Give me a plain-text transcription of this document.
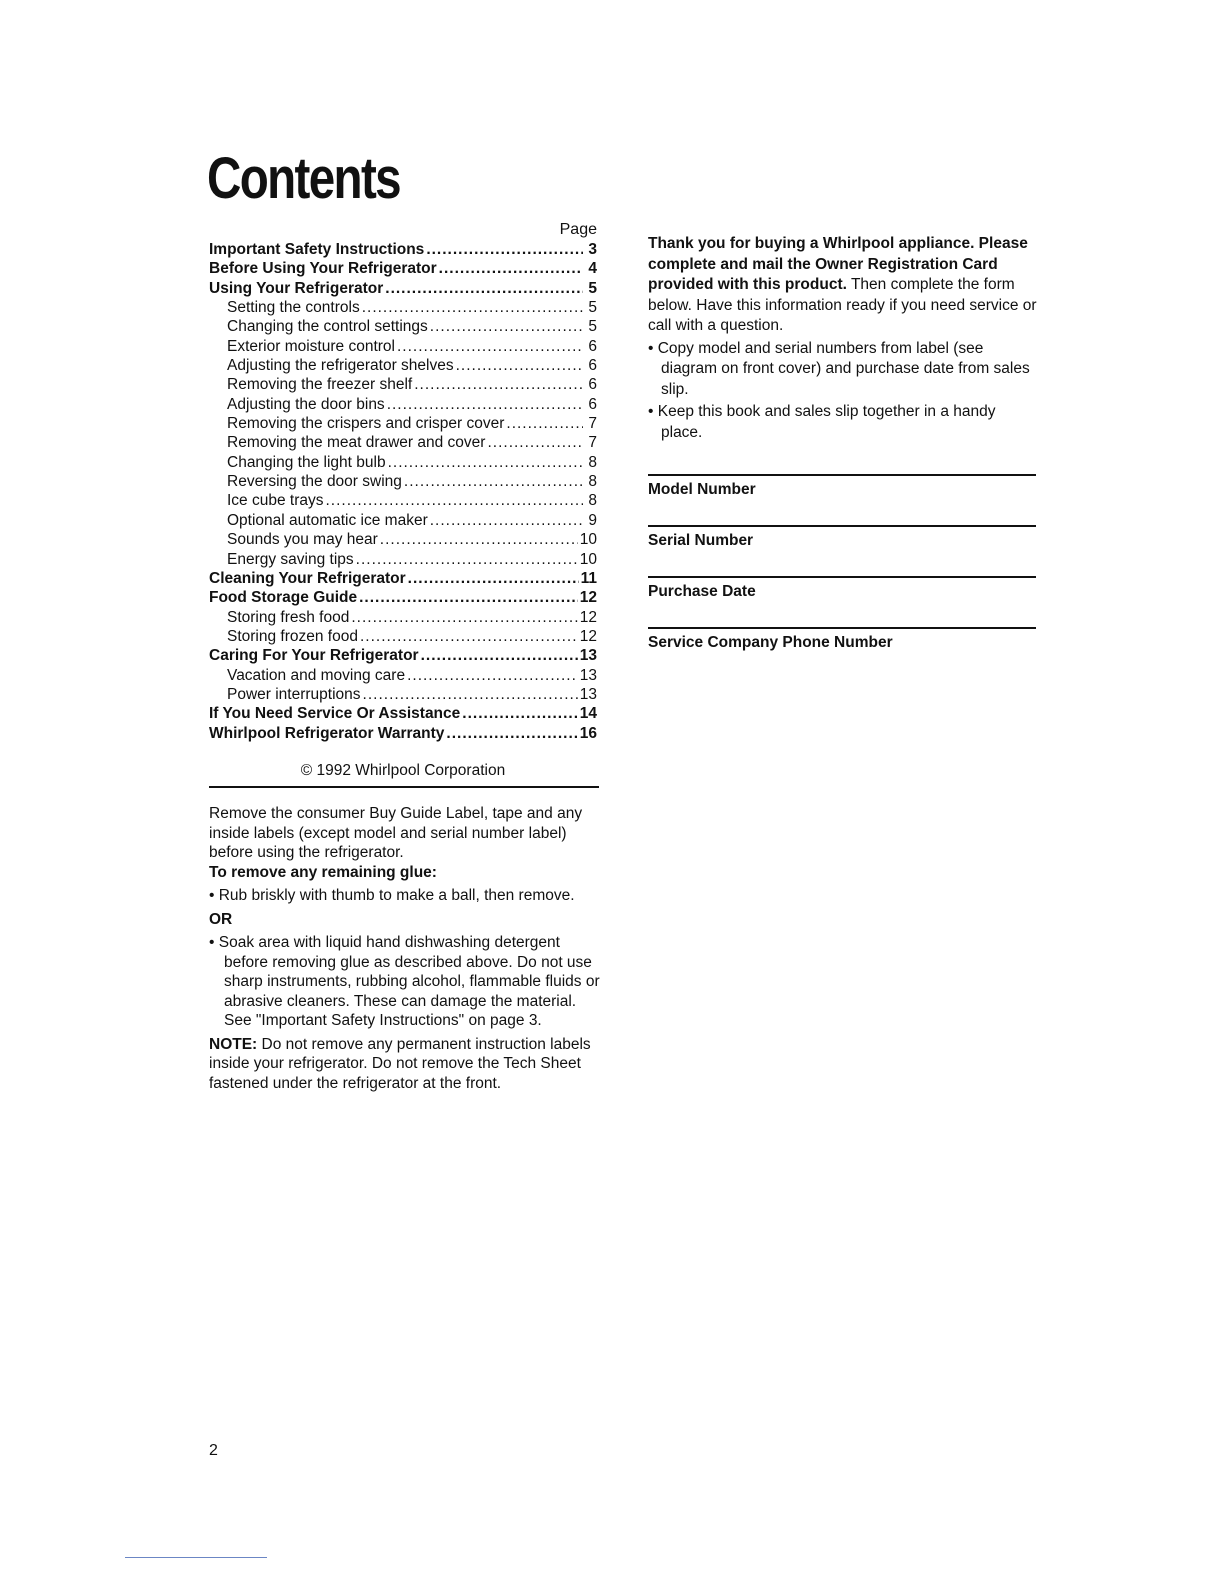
Contents
Page
Important Safety Instructions .....	3
Before Using Your Refrigerator .....	4
Using Your Refrigerator .....	5
Setting the controls .....	5
Changing the control settings .....	5
Exterior moisture control .....	6
Adjusting the refrigerator shelves .....	6
Removing the freezer shelf .....	6
Adjusting the door bins .....	6
Removing the crispers and crisper cover .....	7
Removing the meat drawer and cover .....	7
Changing the light bulb .....	8
Reversing the door swing .....	8
Ice cube trays .....	8
Optional automatic ice maker .....	9
Sounds you may hear .....	10
Energy saving tips .....	10
Cleaning Your Refrigerator .....	11
Food Storage Guide .....	12
Storing fresh food .....	12
Storing frozen food .....	12
Caring For Your Refrigerator .....	13
Vacation and moving care .....	13
Power interruptions .....	13
If You Need Service Or Assistance .....	14
Whirlpool Refrigerator Warranty .....	16
© 1992 Whirlpool Corporation

Remove the consumer Buy Guide Label, tape and any inside labels (except model and serial number label) before using the refrigerator.

To remove any remaining glue:

• Rub briskly with thumb to make a ball, then remove.

OR

• Soak area with liquid hand dishwashing detergent before removing glue as described above. Do not use sharp instruments, rubbing alcohol, flammable fluids or abrasive cleaners. These can damage the material. See "Important Safety Instructions" on page 3.

NOTE: Do not remove any permanent instruction labels inside your refrigerator. Do not remove the Tech Sheet fastened under the refrigerator at the front.

Thank you for buying a Whirlpool appliance. Please complete and mail the Owner Registration Card provided with this product. Then complete the form below. Have this information ready if you need service or call with a question.

• Copy model and serial numbers from label (see diagram on front cover) and purchase date from sales slip.

• Keep this book and sales slip together in a handy place.

Model Number
Serial Number
Purchase Date
Service Company Phone Number
2
